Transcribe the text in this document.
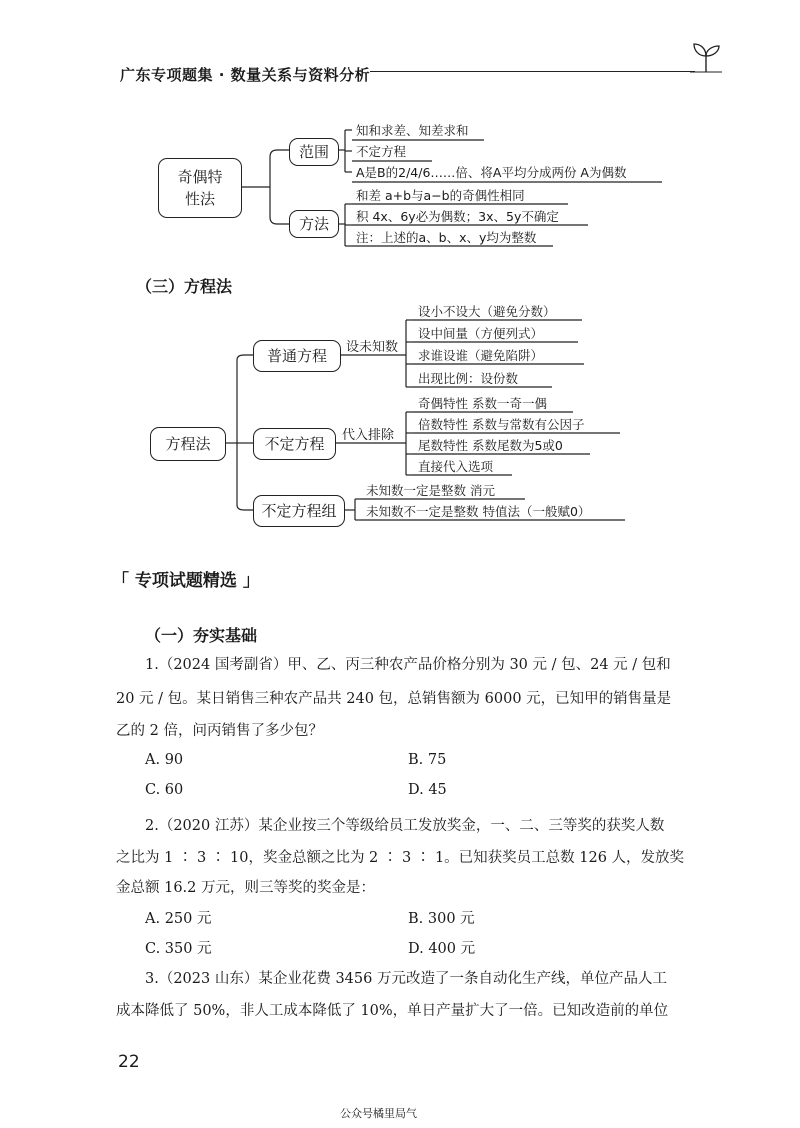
广东专项题集 · 数量关系与资料分析
奇偶特性法
范围
方法
知和求差、知差求和
不定方程
A是B的2/4/6……倍、将A平均分成两份 A为偶数
和差 a+b与a−b的奇偶性相同
积 4x、6y必为偶数；3x、5y不确定
注：上述的a、b、x、y均为整数
（三）方程法
方程法
普通方程
不定方程
不定方程组
设未知数
代入排除
设小不设大（避免分数）
设中间量（方便列式）
求谁设谁（避免陷阱）
出现比例：设份数
奇偶特性 系数一奇一偶
倍数特性 系数与常数有公因子
尾数特性 系数尾数为5或0
直接代入选项
未知数一定是整数 消元
未知数不一定是整数 特值法（一般赋0）
「 专项试题精选 」
（一）夯实基础
1.（2024 国考副省）甲、乙、丙三种农产品价格分别为 30 元 / 包、24 元 / 包和
20 元 / 包。某日销售三种农产品共 240 包，总销售额为 6000 元，已知甲的销售量是
乙的 2 倍，问丙销售了多少包？
A. 90	B. 75
C. 60	D. 45
2.（2020 江苏）某企业按三个等级给员工发放奖金，一、二、三等奖的获奖人数
之比为 1 ∶ 3 ∶ 10，奖金总额之比为 2 ∶ 3 ∶ 1。已知获奖员工总数 126 人，发放奖
金总额 16.2 万元，则三等奖的奖金是：
A. 250 元	B. 300 元
C. 350 元	D. 400 元
3.（2023 山东）某企业花费 3456 万元改造了一条自动化生产线，单位产品人工
成本降低了 50%，非人工成本降低了 10%，单日产量扩大了一倍。已知改造前的单位
22
公众号橘里局气
